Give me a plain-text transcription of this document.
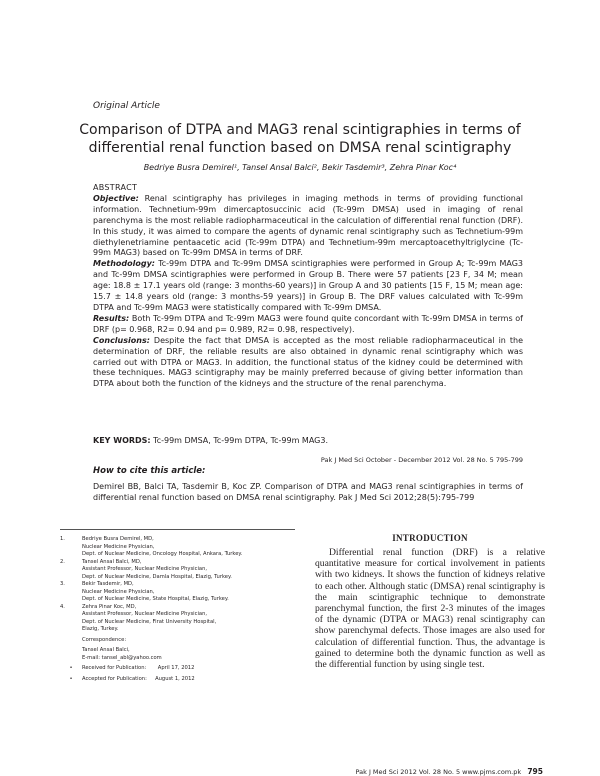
Original Article
Comparison of DTPA and MAG3 renal scintigraphies in terms of
differential renal function based on DMSA renal scintigraphy
Bedriye Busra Demirel¹, Tansel Ansal Balci², Bekir Tasdemir³, Zehra Pinar Koc⁴
ABSTRACT

Objective: Renal scintigraphy has privileges in imaging methods in terms of providing functional information. Technetium-99m dimercaptosuccinic acid (Tc-99m DMSA) used in imaging of renal parenchyma is the most reliable radiopharmaceutical in the calculation of differential renal function (DRF). In this study, it was aimed to compare the agents of dynamic renal scintigraphy such as Technetium-99m diethylenetriamine pentaacetic acid (Tc-99m DTPA) and Technetium-99m mercaptoacethyltriglycine (Tc-99m MAG3) based on Tc-99m DMSA in terms of DRF.

Methodology: Tc-99m DTPA and Tc-99m DMSA scintigraphies were performed in Group A; Tc-99m MAG3 and Tc-99m DMSA scintigraphies were performed in Group B. There were 57 patients [23 F, 34 M; mean age: 18.8 ± 17.1 years old (range: 3 months-60 years)] in Group A and 30 patients [15 F, 15 M; mean age: 15.7 ± 14.8 years old (range: 3 months-59 years)] in Group B. The DRF values calculated with Tc-99m DTPA and Tc-99m MAG3 were statistically compared with Tc-99m DMSA.

Results: Both Tc-99m DTPA and Tc-99m MAG3 were found quite concordant with Tc-99m DMSA in terms of DRF (p= 0.968, R2= 0.94 and p= 0.989, R2= 0.98, respectively).

Conclusions: Despite the fact that DMSA is accepted as the most reliable radiopharmaceutical in the determination of DRF, the reliable results are also obtained in dynamic renal scintigraphy which was carried out with DTPA or MAG3. In addition, the functional status of the kidney could be determined with these techniques. MAG3 scintigraphy may be mainly preferred because of giving better information than DTPA about both the function of the kidneys and the structure of the renal parenchyma.

KEY WORDS: Tc-99m DMSA, Tc-99m DTPA, Tc-99m MAG3.
Pak J Med Sci October - December 2012 Vol. 28 No. 5 795-799
How to cite this article:
Demirel BB, Balci TA, Tasdemir B, Koc ZP. Comparison of DTPA and MAG3 renal scintigraphies in terms of differential renal function based on DMSA renal scintigraphy. Pak J Med Sci 2012;28(5):795-799
1.	Bedriye Busra Demirel, MD,
Nuclear Medicine Physician,
Dept. of Nuclear Medicine, Oncology Hospital, Ankara, Turkey.
2.	Tansel Ansal Balci, MD,
Assistant Professor, Nuclear Medicine Physician,
Dept. of Nuclear Medicine, Damla Hospital, Elazig, Turkey.
3.	Bekir Tasdemir, MD,
Nuclear Medicine Physician,
Dept. of Nuclear Medicine, State Hospital, Elazig, Turkey.
4.	Zehra Pinar Koc, MD,
Assistant Professor, Nuclear Medicine Physician,
Dept. of Nuclear Medicine, Firat University Hospital,
Elazig, Turkey.
Correspondence:
Tansel Ansal Balci,
E-mail: tansel_abl@yahoo.com
•	Received for Publication: April 17, 2012
•	Accepted for Publication: August 1, 2012
INTRODUCTION
Differential renal function (DRF) is a relative quantitative measure for cortical involvement in patients with two kidneys. It shows the function of kidneys relative to each other. Although static (DMSA) renal scintigraphy is the main scintigraphic technique to demonstrate parenchymal function, the first 2-3 minutes of the images of the dynamic (DTPA or MAG3) renal scintigraphy can show parenchymal defects. Those images are also used for calculation of differential function. Thus, the advantage is gained to determine both the dynamic function as well as the differential function by using single test.
Pak J Med Sci 2012 Vol. 28 No. 5 www.pjms.com.pk 795
